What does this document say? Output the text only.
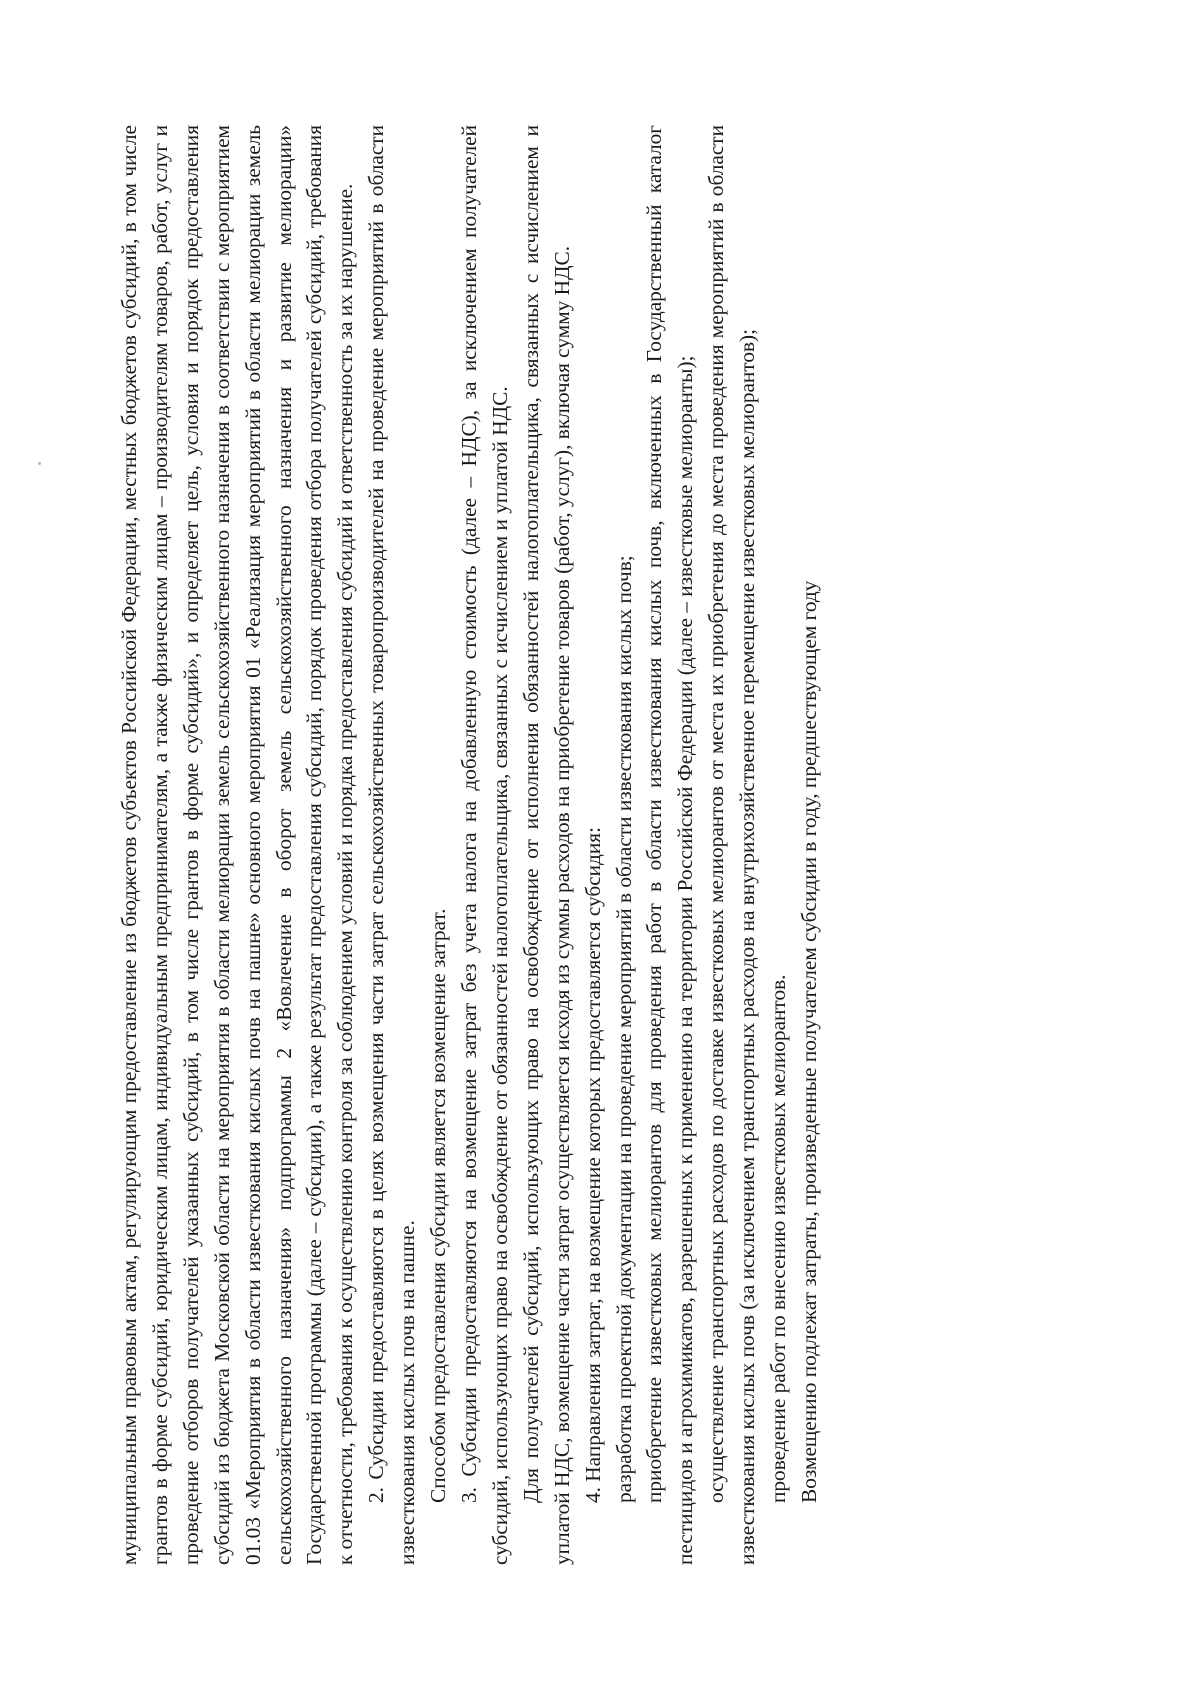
муниципальным правовым актам, регулирующим предоставление из бюджетов субъектов Российской Федерации, местных бюджетов субсидий, в том числе грантов в форме субсидий, юридическим лицам, индивидуальным предпринимателям, а также физическим лицам – производителям товаров, работ, услуг и проведение отборов получателей указанных субсидий, в том числе грантов в форме субсидий», и определяет цель, условия и порядок предоставления субсидий из бюджета Московской области на мероприятия в области мелиорации земель сельскохозяйственного назначения в соответствии с мероприятием 01.03 «Мероприятия в области известкования кислых почв на пашне» основного мероприятия 01 «Реализация мероприятий в области мелиорации земель сельскохозяйственного назначения» подпрограммы 2 «Вовлечение в оборот земель сельскохозяйственного назначения и развитие мелиорации» Государственной программы (далее – субсидии), а также результат предоставления субсидий, порядок проведения отбора получателей субсидий, требования к отчетности, требования к осуществлению контроля за соблюдением условий и порядка предоставления субсидий и ответственность за их нарушение. 2. Субсидии предоставляются в целях возмещения части затрат сельскохозяйственных товаропроизводителей на проведение мероприятий в области известкования кислых почв на пашне. Способом предоставления субсидии является возмещение затрат. 3. Субсидии предоставляются на возмещение затрат без учета налога на добавленную стоимость (далее – НДС), за исключением получателей субсидий, использующих право на освобождение от обязанностей налогоплательщика, связанных с исчислением и уплатой НДС. Для получателей субсидий, использующих право на освобождение от исполнения обязанностей налогоплательщика, связанных с исчислением и уплатой НДС, возмещение части затрат осуществляется исходя из суммы расходов на приобретение товаров (работ, услуг), включая сумму НДС. 4. Направления затрат, на возмещение которых предоставляется субсидия: разработка проектной документации на проведение мероприятий в области известкования кислых почв; приобретение известковых мелиорантов для проведения работ в области известкования кислых почв, включенных в Государственный каталог пестицидов и агрохимикатов, разрешенных к применению на территории Российской Федерации (далее – известковые мелиоранты); осуществление транспортных расходов по доставке известковых мелиорантов от места их приобретения до места проведения мероприятий в области известкования кислых почв (за исключением транспортных расходов на внутрихозяйственное перемещение известковых мелиорантов); проведение работ по внесению известковых мелиорантов. Возмещению подлежат затраты, произведенные получателем субсидии в году, предшествующем году
